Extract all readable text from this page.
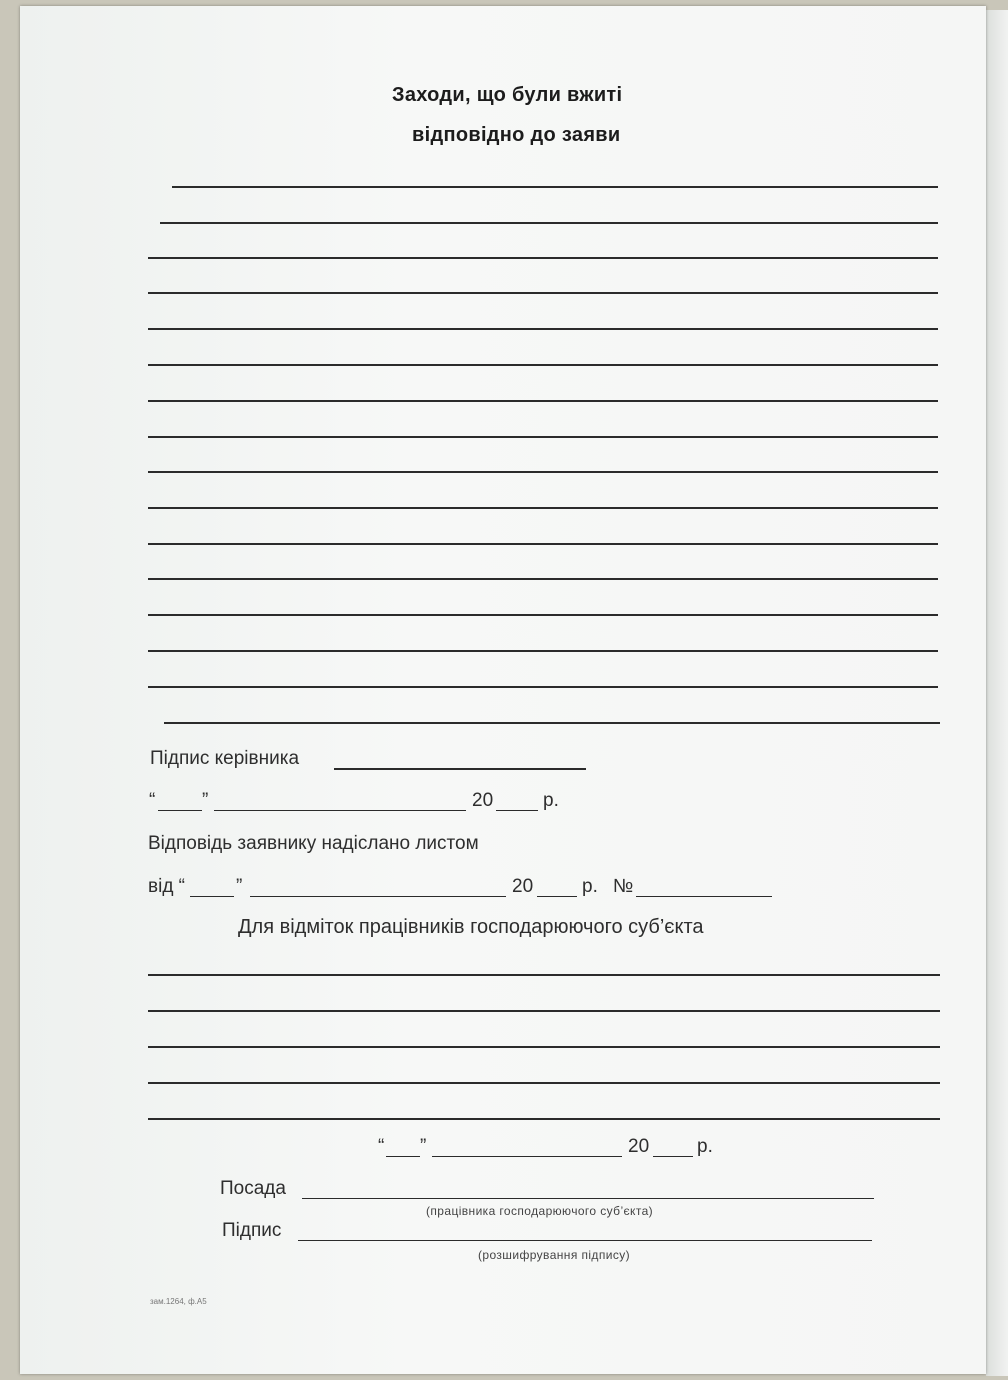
Заходи, що були вжиті
відповідно до заяви
Підпис керівника
“ ”	20	р.
Відповідь заявнику надіслано листом
від “	”	20	р. №
Для відміток працівників господарюючого суб’єкта
“ ”	20	р.
Посада
(працівника господарюючого суб’єкта)
Підпис
(розшифрування підпису)
зам.1264, ф.А5
